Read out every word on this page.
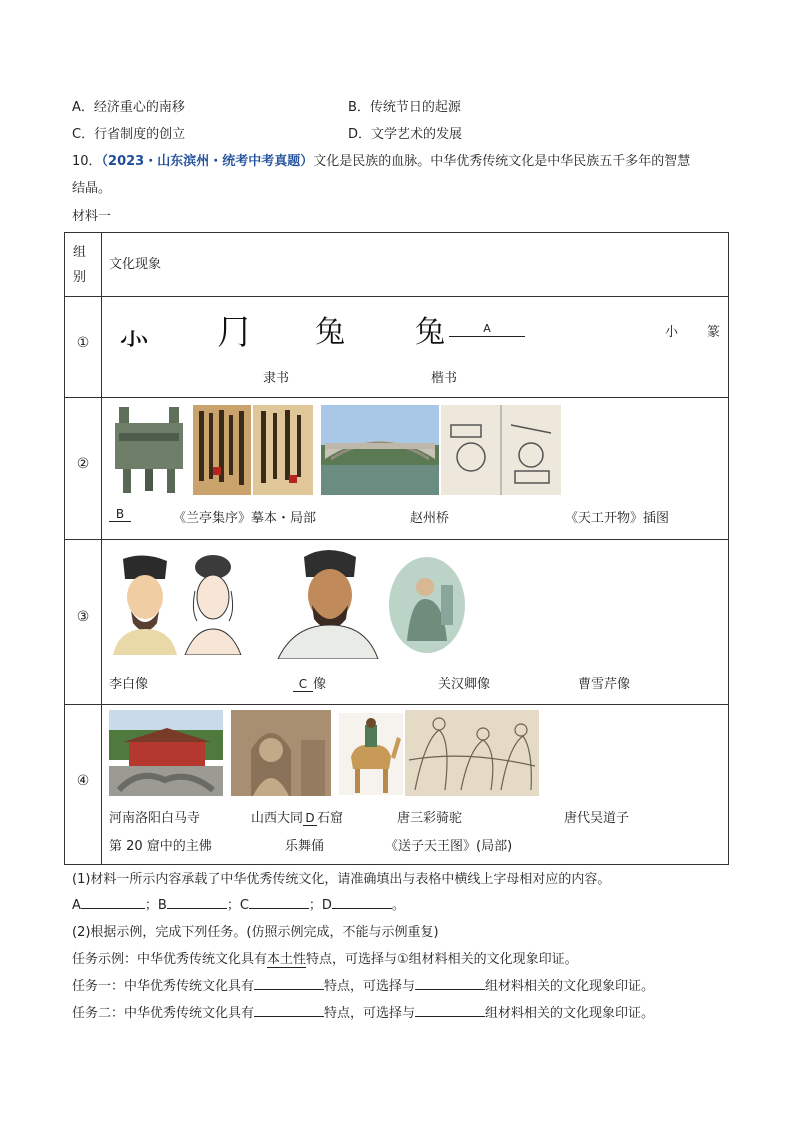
A．经济重心的南移	B．传统节日的起源
C．行省制度的创立	D．文学艺术的发展
10．（2023・山东滨州・统考中考真题）文化是民族的血脉。中华优秀传统文化是中华民族五千多年的智慧
结晶。
材料一
组
别
文化现象
① ⺗ ⺆ 兔 兔	A	小 篆
隶书	楷书
②
B	《兰亭集序》摹本・局部	赵州桥	《天工开物》插图
③
李白像	C 像	关汉卿像	曹雪芹像
④
河南洛阳白马寺	山西大同 D 石窟	唐三彩骑驼	唐代吴道子
第 20 窟中的主佛	乐舞俑	《送子天王图》(局部)
(1)材料一所示内容承载了中华优秀传统文化，请准确填出与表格中横线上字母相对应的内容。
A	；B	；C	；D	。
(2)根据示例，完成下列任务。(仿照示例完成，不能与示例重复)
任务示例：中华优秀传统文化具有本土性特点，可选择与①组材料相关的文化现象印证。
任务一：中华优秀传统文化具有	特点，可选择与	组材料相关的文化现象印证。
任务二：中华优秀传统文化具有	特点，可选择与	组材料相关的文化现象印证。
